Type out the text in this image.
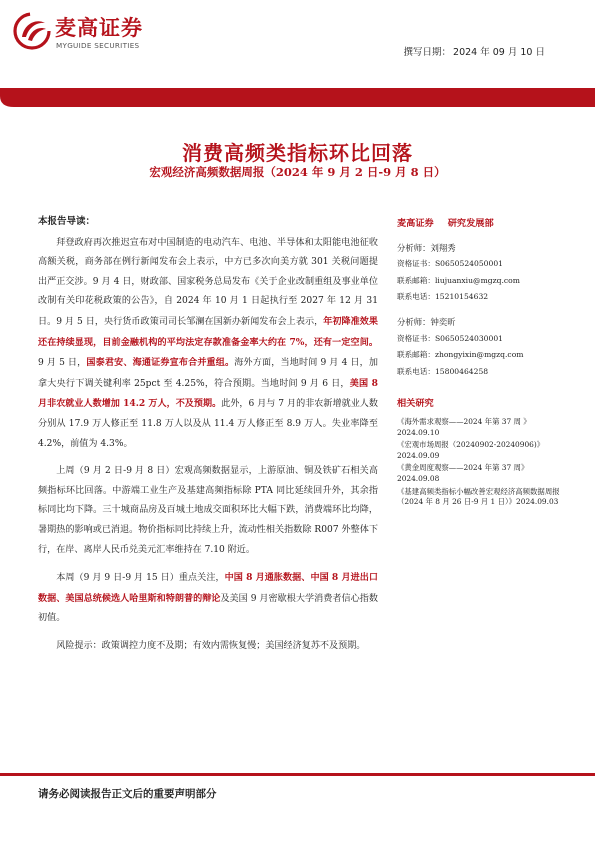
麦高证券
MYGUIDE SECURITIES
撰写日期： 2024 年 09 月 10 日
消费高频类指标环比回落
宏观经济高频数据周报（2024 年 9 月 2 日-9 月 8 日）
本报告导读：

拜登政府再次推迟宣布对中国制造的电动汽车、电池、半导体和太阳能电池征收高额关税，商务部在例行新闻发布会上表示，中方已多次向美方就 301 关税问题提出严正交涉。9 月 4 日，财政部、国家税务总局发布《关于企业改制重组及事业单位改制有关印花税政策的公告》，自 2024 年 10 月 1 日起执行至 2027 年 12 月 31 日。9 月 5 日，央行货币政策司司长邹澜在国新办新闻发布会上表示，年初降准效果还在持续显现，目前金融机构的平均法定存款准备金率大约在 7%，还有一定空间。9 月 5 日，国泰君安、海通证券宣布合并重组。海外方面，当地时间 9 月 4 日，加拿大央行下调关键利率 25pct 至 4.25%，符合预期。当地时间 9 月 6 日，美国 8 月非农就业人数增加 14.2 万人，不及预期。此外，6 月与 7 月的非农新增就业人数分别从 17.9 万人修正至 11.8 万人以及从 11.4 万人修正至 8.9 万人。失业率降至 4.2%，前值为 4.3%。

上周（9 月 2 日-9 月 8 日）宏观高频数据显示，上游原油、铜及铁矿石相关高频指标环比回落。中游端工业生产及基建高频指标除 PTA 同比延续回升外，其余指标同比均下降。三十城商品房及百城土地成交面积环比大幅下跌，消费端环比均降，暑期热的影响或已消退。物价指标同比持续上升，流动性相关指数除 R007 外整体下行，在岸、离岸人民币兑美元汇率维持在 7.10 附近。

本周（9 月 9 日-9 月 15 日）重点关注，中国 8 月通胀数据、中国 8 月进出口数据、美国总统候选人哈里斯和特朗普的辩论及美国 9 月密歇根大学消费者信心指数初值。

风险提示：政策调控力度不及期；有效内需恢复慢；美国经济复苏不及预期。

麦高证券 研究发展部
分析师：刘翔秀
资格证书：S0650524050001
联系邮箱：liujuanxiu@mgzq.com
联系电话：15210154632
分析师：钟奕昕
资格证书：S0650524030001
联系邮箱：zhongyixin@mgzq.com
联系电话：15800464258
相关研究
《海外需求观察——2024 年第 37 周 》2024.09.10
《宏观市场周报（20240902-20240906)》2024.09.09
《黄金周度观察——2024 年第 37 周》2024.09.08
《基建高频类指标小幅改善宏观经济高频数据周报（2024 年 8 月 26 日-9 月 1 日）》2024.09.03
请务必阅读报告正文后的重要声明部分
